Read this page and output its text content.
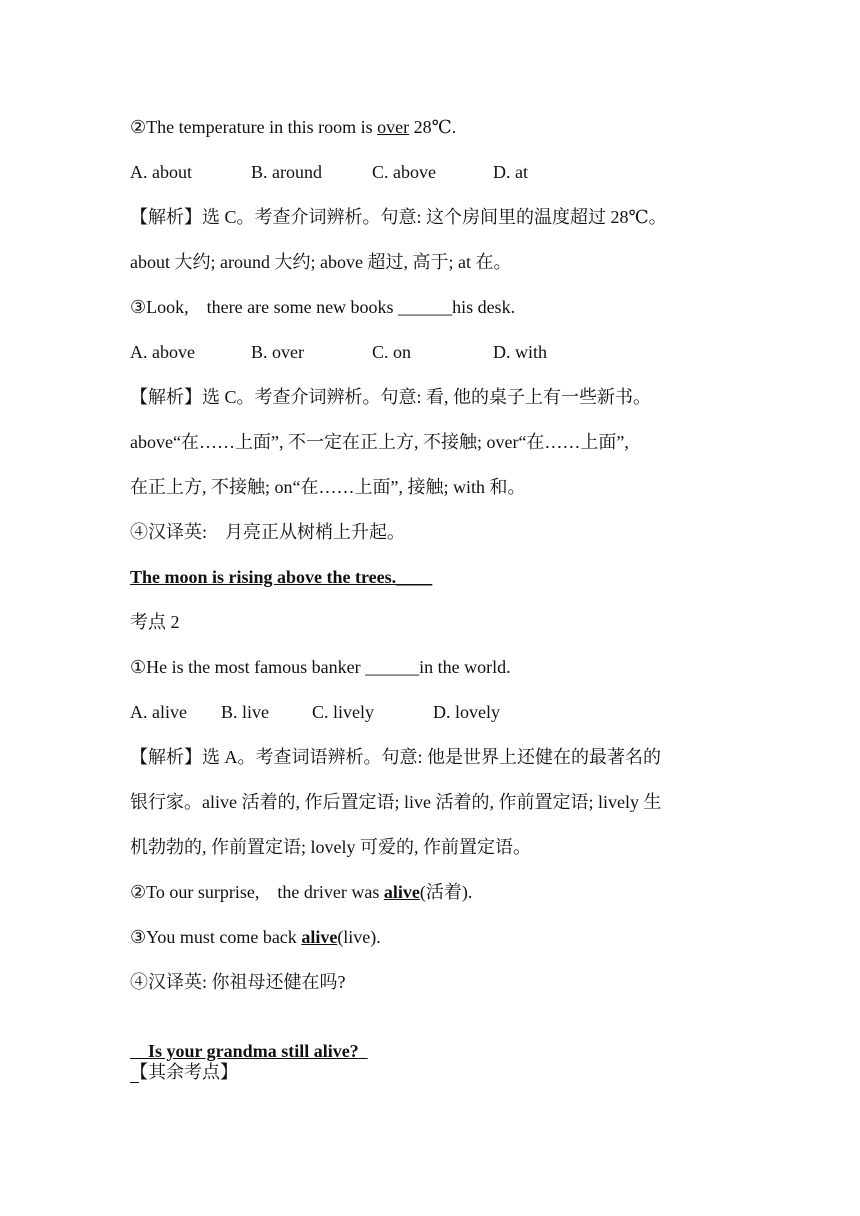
②The temperature in this room is over 28℃.
A. about	B. around	C. above	D. at
【解析】选 C。考查介词辨析。句意: 这个房间里的温度超过 28℃。
about 大约; around 大约; above 超过, 高于; at 在。
③Look,　there are some new books ______his desk.
A. above	B. over	C. on	D. with
【解析】选 C。考查介词辨析。句意: 看, 他的桌子上有一些新书。
above“在……上面”, 不一定在正上方, 不接触; over“在……上面”,
在正上方, 不接触; on“在……上面”, 接触; with 和。
④汉译英:　月亮正从树梢上升起。
The moon is rising above the trees.____
考点 2
①He is the most famous banker ______in the world.
A. alive B. live C. lively	D. lovely
【解析】选 A。考查词语辨析。句意: 他是世界上还健在的最著名的
银行家。alive 活着的, 作后置定语; live 活着的, 作前置定语; lively 生
机勃勃的, 作前置定语; lovely 可爱的, 作前置定语。
②To our surprise,　the driver was alive(活着).
③You must come back alive(live).
④汉译英: 你祖母还健在吗?

Is your grandma still alive?

【其余考点】
